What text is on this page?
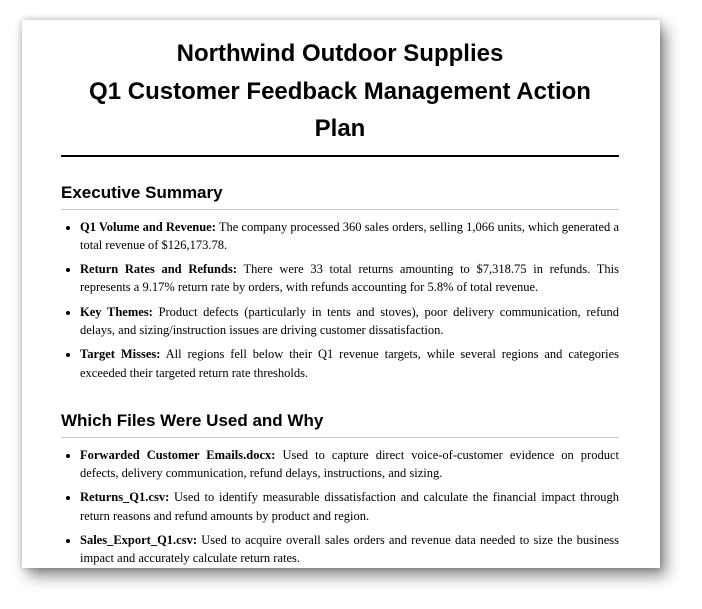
Northwind Outdoor Supplies
Q1 Customer Feedback Management Action Plan
Executive Summary
• Q1 Volume and Revenue: The company processed 360 sales orders, selling 1,066 units, which generated a total revenue of $126,173.78.
• Return Rates and Refunds: There were 33 total returns amounting to $7,318.75 in refunds. This represents a 9.17% return rate by orders, with refunds accounting for 5.8% of total revenue.
• Key Themes: Product defects (particularly in tents and stoves), poor delivery communication, refund delays, and sizing/instruction issues are driving customer dissatisfaction.
• Target Misses: All regions fell below their Q1 revenue targets, while several regions and categories exceeded their targeted return rate thresholds.
Which Files Were Used and Why
• Forwarded Customer Emails.docx: Used to capture direct voice-of-customer evidence on product defects, delivery communication, refund delays, instructions, and sizing.
• Returns_Q1.csv: Used to identify measurable dissatisfaction and calculate the financial impact through return reasons and refund amounts by product and region.
• Sales_Export_Q1.csv: Used to acquire overall sales orders and revenue data needed to size the business impact and accurately calculate return rates.
